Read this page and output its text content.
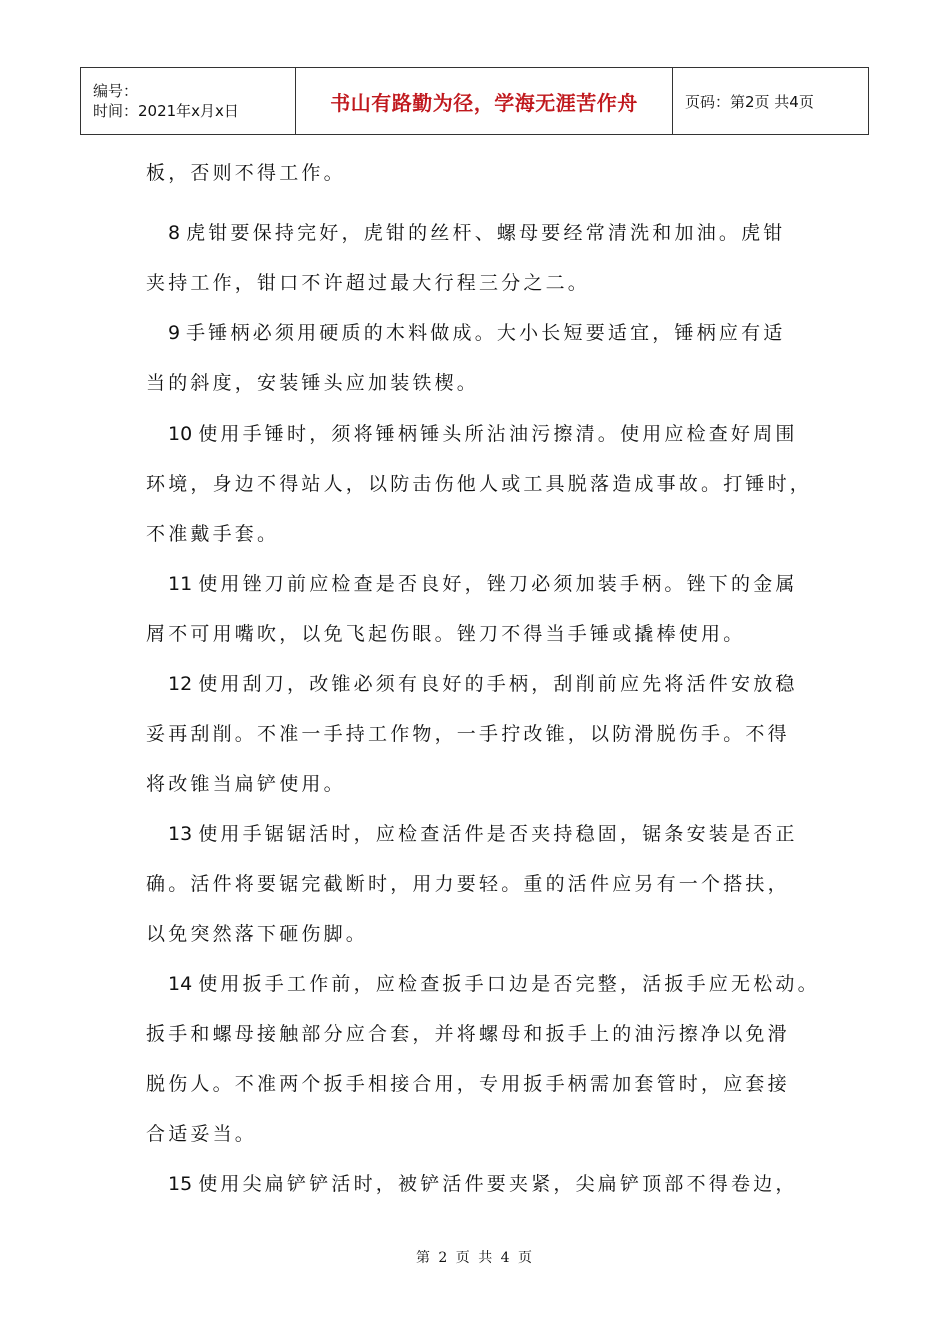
编号：
时间：2021年x月x日	书山有路勤为径，学海无涯苦作舟	页码：第2页 共4页
板，否则不得工作。
8 虎钳要保持完好，虎钳的丝杆、螺母要经常清洗和加油。虎钳
夹持工作，钳口不许超过最大行程三分之二。
9 手锤柄必须用硬质的木料做成。大小长短要适宜，锤柄应有适
当的斜度，安装锤头应加装铁楔。
10 使用手锤时，须将锤柄锤头所沾油污擦清。使用应检查好周围
环境，身边不得站人，以防击伤他人或工具脱落造成事故。打锤时，
不准戴手套。
11 使用锉刀前应检查是否良好，锉刀必须加装手柄。锉下的金属
屑不可用嘴吹，以免飞起伤眼。锉刀不得当手锤或撬棒使用。
12 使用刮刀，改锥必须有良好的手柄，刮削前应先将活件安放稳
妥再刮削。不准一手持工作物，一手拧改锥，以防滑脱伤手。不得
将改锥当扁铲使用。
13 使用手锯锯活时，应检查活件是否夹持稳固，锯条安装是否正
确。活件将要锯完截断时，用力要轻。重的活件应另有一个搭扶，
以免突然落下砸伤脚。
14 使用扳手工作前，应检查扳手口边是否完整，活扳手应无松动。
扳手和螺母接触部分应合套，并将螺母和扳手上的油污擦净以免滑
脱伤人。不准两个扳手相接合用，专用扳手柄需加套管时，应套接
合适妥当。
15 使用尖扁铲铲活时，被铲活件要夹紧，尖扁铲顶部不得卷边，
第 2 页 共 4 页
